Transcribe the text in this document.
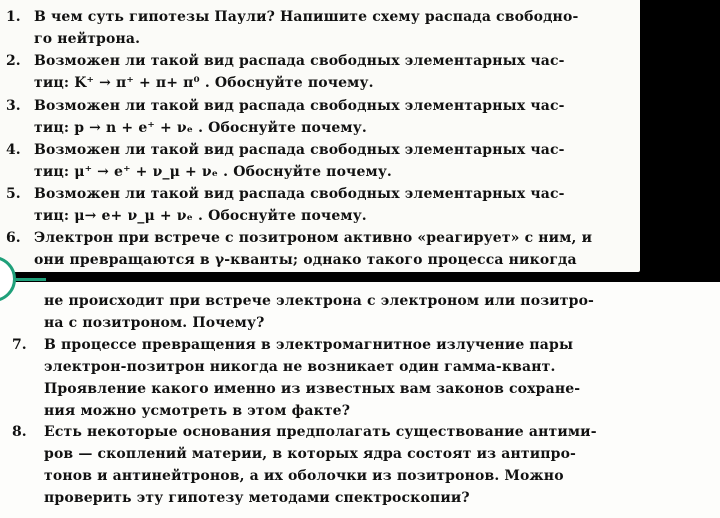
1. В чем суть гипотезы Паули? Напишите схему распада свободно-
го нейтрона.
2. Возможен ли такой вид распада свободных элементарных час-
тиц: K⁺ → π⁺ + π+ π⁰ . Обоснуйте почему.
3. Возможен ли такой вид распада свободных элементарных час-
тиц: p → n + e⁺ + νₑ . Обоснуйте почему.
4. Возможен ли такой вид распада свободных элементарных час-
тиц: μ⁺ → e⁺ + ν_μ + νₑ . Обоснуйте почему.
5. Возможен ли такой вид распада свободных элементарных час-
тиц: μ→ e+ ν_μ + νₑ . Обоснуйте почему.
6. Электрон при встрече с позитроном активно «реагирует» с ним, и
они превращаются в γ-кванты; однако такого процесса никогда
не происходит при встрече электрона с электроном или позитро-
на с позитроном. Почему?
7. В процессе превращения в электромагнитное излучение пары
электрон-позитрон никогда не возникает один гамма-квант.
Проявление какого именно из известных вам законов сохране-
ния можно усмотреть в этом факте?
8. Есть некоторые основания предполагать существование антими-
ров — скоплений материи, в которых ядра состоят из антипро-
тонов и антинейтронов, а их оболочки из позитронов. Можно
проверить эту гипотезу методами спектроскопии?
